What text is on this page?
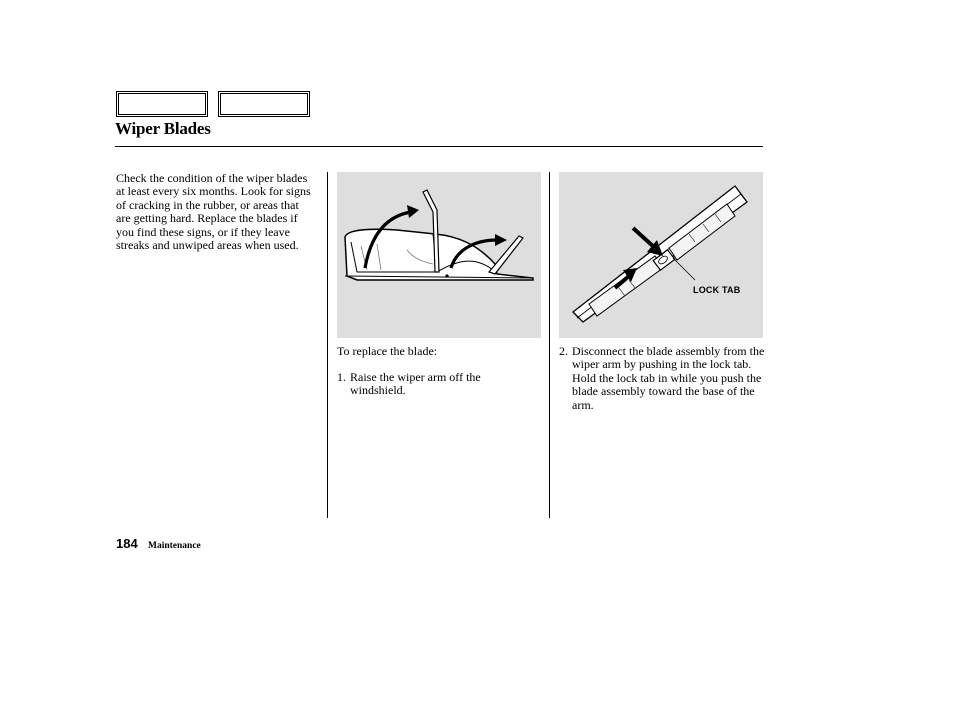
Wiper Blades
Check the condition of the wiper blades at least every six months. Look for signs of cracking in the rubber, or areas that are getting hard. Replace the blades if you find these signs, or if they leave streaks and unwiped areas when used.
To replace the blade:
1. Raise the wiper arm off the windshield.
LOCK TAB
2. Disconnect the blade assembly from the wiper arm by pushing in the lock tab. Hold the lock tab in while you push the blade assembly toward the base of the arm.
184 Maintenance
